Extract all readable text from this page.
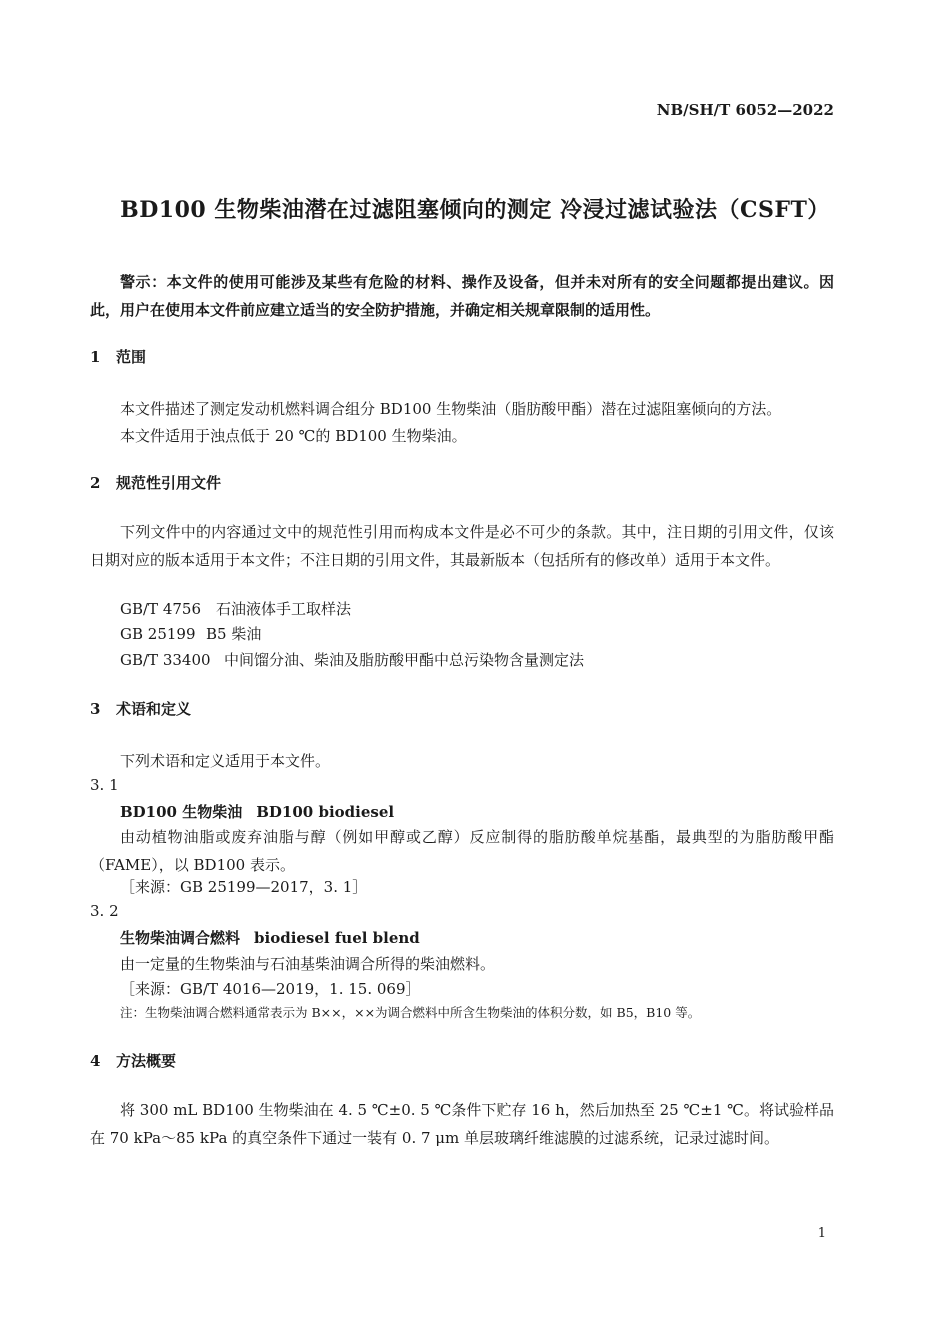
NB/SH/T 6052—2022
BD100 生物柴油潜在过滤阻塞倾向的测定 冷浸过滤试验法（CSFT）
警示：本文件的使用可能涉及某些有危险的材料、操作及设备，但并未对所有的安全问题都提出建议。因此，用户在使用本文件前应建立适当的安全防护措施，并确定相关规章限制的适用性。
1 范围
本文件描述了测定发动机燃料调合组分 BD100 生物柴油（脂肪酸甲酯）潜在过滤阻塞倾向的方法。
本文件适用于浊点低于 20 ℃的 BD100 生物柴油。
2 规范性引用文件
下列文件中的内容通过文中的规范性引用而构成本文件是必不可少的条款。其中，注日期的引用文件，仅该日期对应的版本适用于本文件；不注日期的引用文件，其最新版本（包括所有的修改单）适用于本文件。
GB/T 4756 石油液体手工取样法
GB 25199 B5 柴油
GB/T 33400 中间馏分油、柴油及脂肪酸甲酯中总污染物含量测定法
3 术语和定义
下列术语和定义适用于本文件。
3. 1
BD100 生物柴油 BD100 biodiesel
由动植物油脂或废弃油脂与醇（例如甲醇或乙醇）反应制得的脂肪酸单烷基酯，最典型的为脂肪酸甲酯（FAME），以 BD100 表示。
［来源：GB 25199—2017，3. 1］
3. 2
生物柴油调合燃料 biodiesel fuel blend
由一定量的生物柴油与石油基柴油调合所得的柴油燃料。
［来源：GB/T 4016—2019，1. 15. 069］
注：生物柴油调合燃料通常表示为 B××，××为调合燃料中所含生物柴油的体积分数，如 B5，B10 等。
4 方法概要
将 300 mL BD100 生物柴油在 4. 5 ℃±0. 5 ℃条件下贮存 16 h，然后加热至 25 ℃±1 ℃。将试验样品在 70 kPa～85 kPa 的真空条件下通过一装有 0. 7 μm 单层玻璃纤维滤膜的过滤系统，记录过滤时间。
1
